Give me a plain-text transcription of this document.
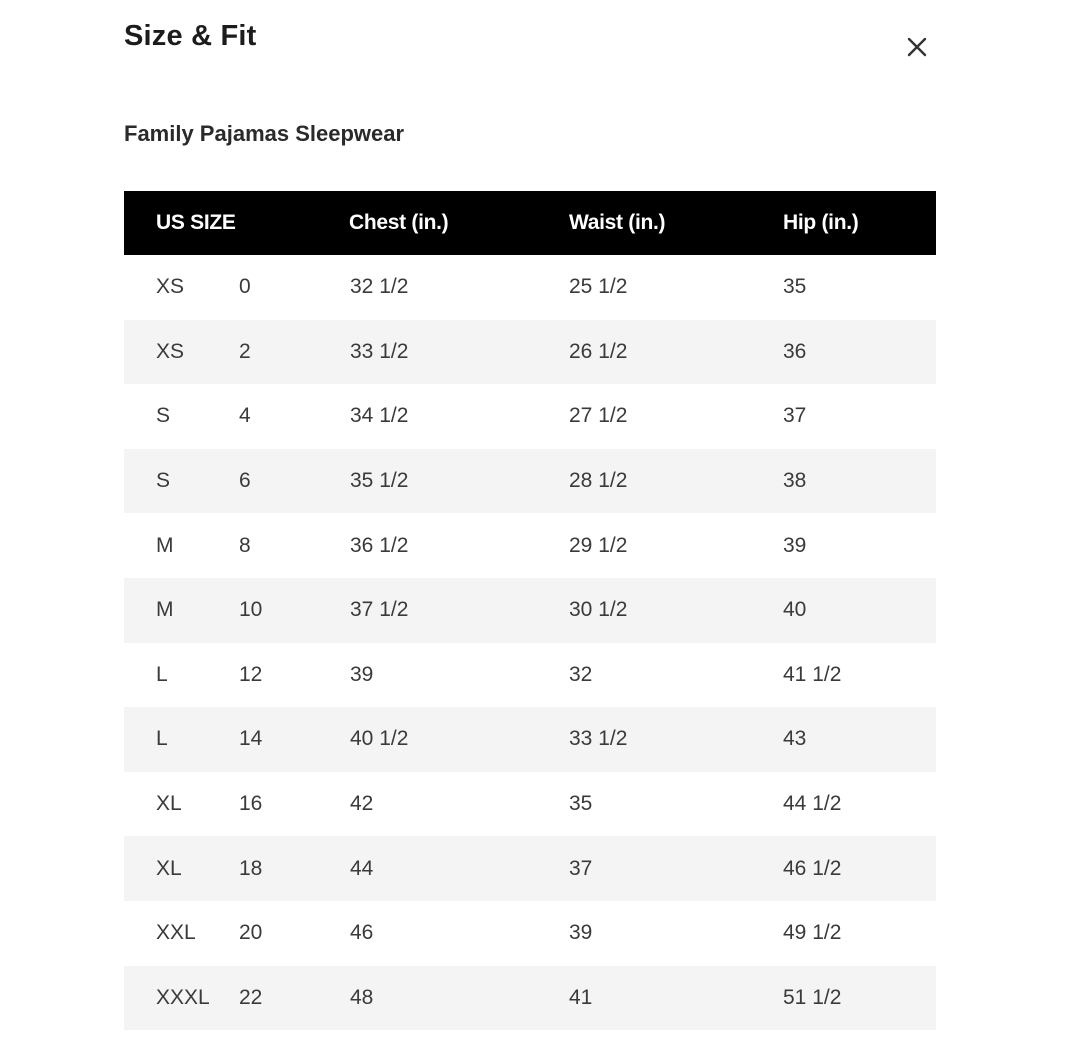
Size & Fit
Family Pajamas Sleepwear
US SIZE	Chest (in.)	Waist (in.)	Hip (in.)
XS 0	32 1/2	25 1/2	35
XS 2	33 1/2	26 1/2	36
S 4	34 1/2	27 1/2	37
S 6	35 1/2	28 1/2	38
M 8	36 1/2	29 1/2	39
M 10	37 1/2	30 1/2	40
L 12	39	32	41 1/2
L 14	40 1/2	33 1/2	43
XL 16	42	35	44 1/2
XL 18	44	37	46 1/2
XXL 20	46	39	49 1/2
XXXL 22	48	41	51 1/2
